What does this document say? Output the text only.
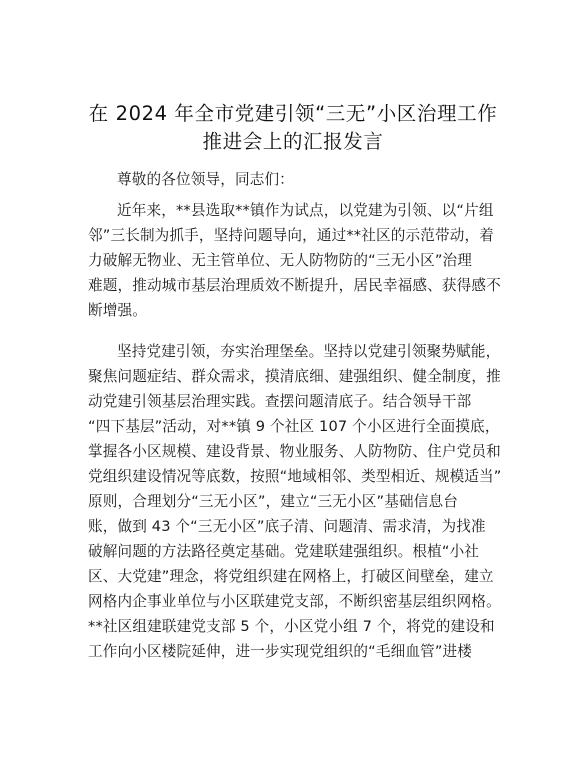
在 2024 年全市党建引领“三无”小区治理工作
推进会上的汇报发言
尊敬的各位领导，同志们：
近年来，**县选取**镇作为试点，以党建为引领、以“片组
邻”三长制为抓手，坚持问题导向，通过**社区的示范带动，着
力破解无物业、无主管单位、无人防物防的“三无小区”治理
难题，推动城市基层治理质效不断提升，居民幸福感、获得感不
断增强。
坚持党建引领，夯实治理堡垒。坚持以党建引领聚势赋能，
聚焦问题症结、群众需求，摸清底细、建强组织、健全制度，推
动党建引领基层治理实践。查摆问题清底子。结合领导干部
“四下基层”活动，对**镇 9 个社区 107 个小区进行全面摸底，
掌握各小区规模、建设背景、物业服务、人防物防、住户党员和
党组织建设情况等底数，按照“地域相邻、类型相近、规模适当”
原则，合理划分“三无小区”，建立“三无小区”基础信息台
账，做到 43 个“三无小区”底子清、问题清、需求清，为找准
破解问题的方法路径奠定基础。党建联建强组织。根植“小社
区、大党建”理念，将党组织建在网格上，打破区间壁垒，建立
网格内企事业单位与小区联建党支部，不断织密基层组织网格。
**社区组建联建党支部 5 个，小区党小组 7 个，将党的建设和
工作向小区楼院延伸，进一步实现党组织的“毛细血管”进楼
